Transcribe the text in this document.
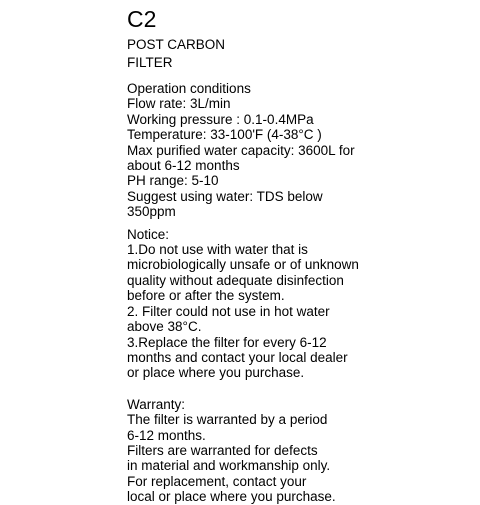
C2
POST CARBON
FILTER
Operation conditions
Flow rate: 3L/min
Working pressure : 0.1-0.4MPa
Temperature: 33-100'F (4-38°C )
Max purified water capacity: 3600L for
about 6-12 months
PH range: 5-10
Suggest using water: TDS below
350ppm
Notice:
1.Do not use with water that is
microbiologically unsafe or of unknown
quality without adequate disinfection
before or after the system.
2. Filter could not use in hot water
above 38°C.
3.Replace the filter for every 6-12
months and contact your local dealer
or place where you purchase.
Warranty:
The filter is warranted by a period
6-12 months.
Filters are warranted for defects
in material and workmanship only.
For replacement, contact your
local or place where you purchase.
